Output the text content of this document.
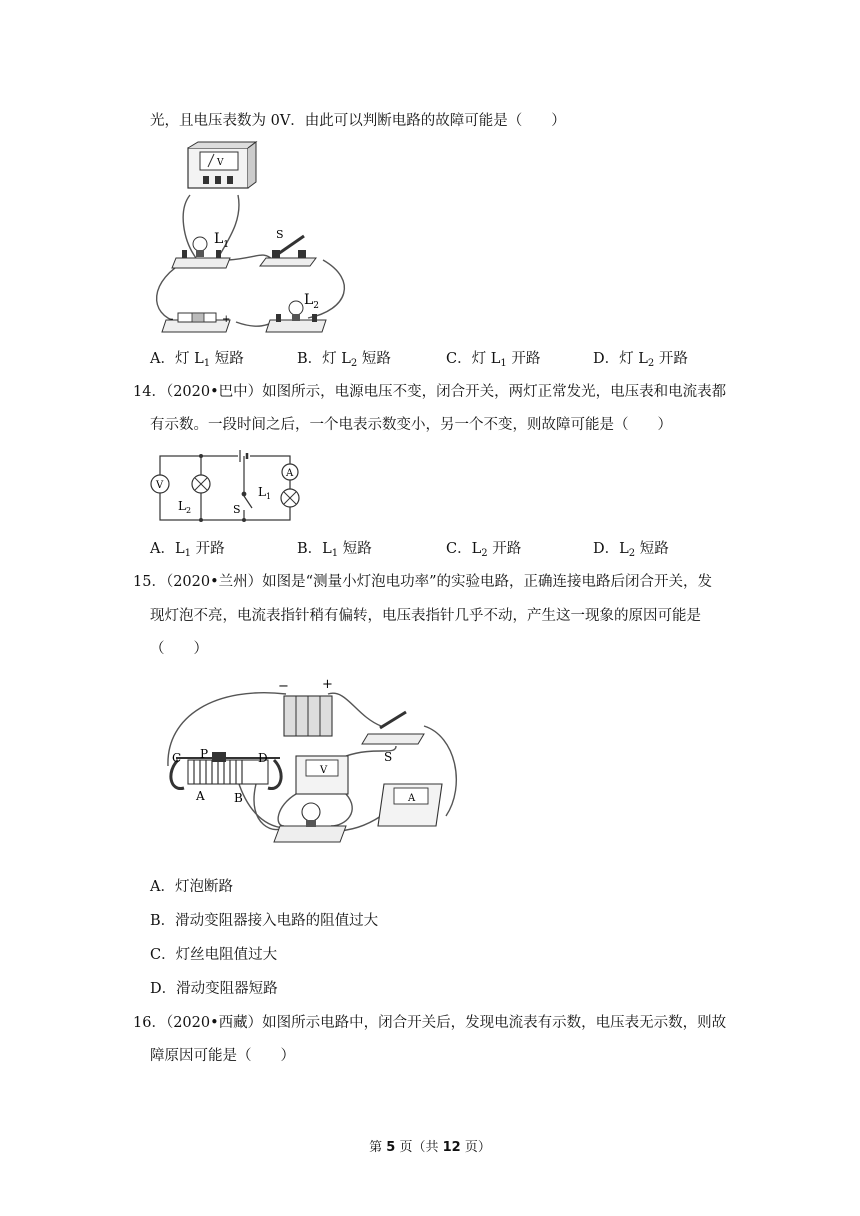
光，且电压表数为 0V．由此可以判断电路的故障可能是（　　）
V
$L_1$
S
-	+
$L_2$
A．灯 $L_1$ 短路	B．灯 $L_2$ 短路	C．灯 $L_1$ 开路	D．灯 $L_2$ 开路
14．（2020•巴中）如图所示，电源电压不变，闭合开关，两灯正常发光，电压表和电流表都
有示数。一段时间之后，一个电表示数变小，另一个不变，则故障可能是（　　）
V
$L_2$	S
A
$L_1$
A．$L_1$ 开路	B．$L_1$ 短路	C．$L_2$ 开路	D．$L_2$ 短路
15．（2020•兰州）如图是“测量小灯泡电功率”的实验电路，正确连接电路后闭合开关，发
现灯泡不亮，电流表指针稍有偏转，电压表指针几乎不动，产生这一现象的原因可能是
（　　）
−	+
S
C P	D
A B
V
A
A．灯泡断路
B．滑动变阻器接入电路的阻值过大
C．灯丝电阻值过大
D．滑动变阻器短路
16．（2020•西藏）如图所示电路中，闭合开关后，发现电流表有示数，电压表无示数，则故
障原因可能是（　　）
第 5 页（共 12 页）
